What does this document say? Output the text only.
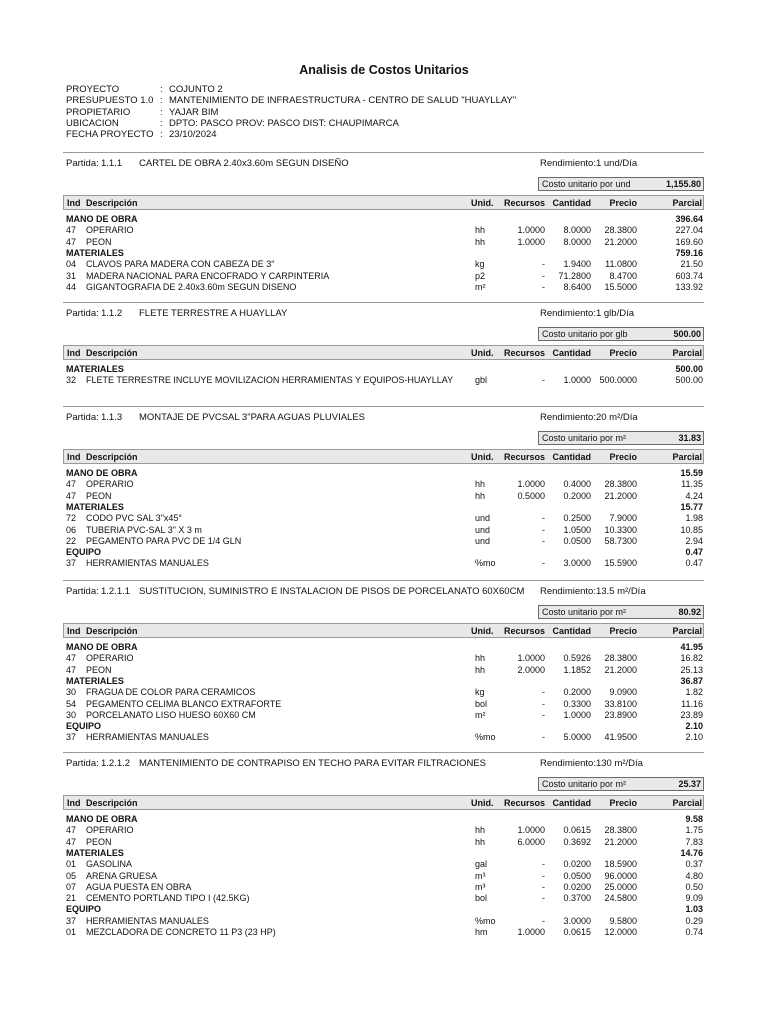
Analisis de Costos Unitarios
PROYECTO	: COJUNTO 2
PRESUPUESTO 1.0 : MANTENIMIENTO DE INFRAESTRUCTURA - CENTRO DE SALUD "HUAYLLAY"
PROPIETARIO	: YAJAR BIM
UBICACION	: DPTO: PASCO PROV: PASCO DIST: CHAUPIMARCA
FECHA PROYECTO : 23/10/2024
Partida: 1.1.1 CARTEL DE OBRA 2.40x3.60m SEGUN DISEÑO	Rendimiento:1 und/Día
Costo unitario por und	1,155.80
Ind Descripción	Unid. Recursos Cantidad Precio	Parcial
MANO DE OBRA	396.64
47 OPERARIO	hh	1.0000 8.0000 28.3800	227.04
47 PEON	hh	1.0000 8.0000 21.2000	169.60
MATERIALES	759.16
04 CLAVOS PARA MADERA CON CABEZA DE 3"	kg	- 1.9400 11.0800	21.50
31 MADERA NACIONAL PARA ENCOFRADO Y CARPINTERIA	p2	- 71.2800 8.4700	603.74
44 GIGANTOGRAFIA DE 2.40x3.60m SEGUN DISENO	m²	- 8.6400 15.5000	133.92
Partida: 1.1.2 FLETE TERRESTRE A HUAYLLAY	Rendimiento:1 glb/Día
Costo unitario por glb	500.00
Ind Descripción	Unid. Recursos Cantidad Precio	Parcial
MATERIALES	500.00
32 FLETE TERRESTRE INCLUYE MOVILIZACION HERRAMIENTAS Y EQUIPOS-HUAYLLAY gbl	- 1.0000 500.0000	500.00
Partida: 1.1.3 MONTAJE DE PVCSAL 3"PARA AGUAS PLUVIALES	Rendimiento:20 m²/Día
Costo unitario por m²	31.83
Ind Descripción	Unid. Recursos Cantidad Precio	Parcial
MANO DE OBRA	15.59
47 OPERARIO	hh	1.0000 0.4000 28.3800	11.35
47 PEON	hh	0.5000 0.2000 21.2000	4.24
MATERIALES	15.77
72 CODO PVC SAL 3"x45°	und	- 0.2500 7.9000	1.98
06 TUBERIA PVC-SAL 3" X 3 m	und	- 1.0500 10.3300	10.85
22 PEGAMENTO PARA PVC DE 1/4 GLN	und	- 0.0500 58.7300	2.94
EQUIPO	0.47
37 HERRAMIENTAS MANUALES	%mo	- 3.0000 15.5900	0.47
Partida: 1.2.1.1 SUSTITUCION, SUMINISTRO E INSTALACION DE PISOS DE PORCELANATO 60X60CM Rendimiento:13.5 m²/Día
Costo unitario por m²	80.92
Ind Descripción	Unid. Recursos Cantidad Precio	Parcial
MANO DE OBRA	41.95
47 OPERARIO	hh	1.0000 0.5926 28.3800	16.82
47 PEON	hh	2.0000 1.1852 21.2000	25.13
MATERIALES	36.87
30 FRAGUA DE COLOR PARA CERAMICOS	kg	- 0.2000 9.0900	1.82
54 PEGAMENTO CELIMA BLANCO EXTRAFORTE	bol	- 0.3300 33.8100	11.16
30 PORCELANATO LISO HUESO 60X60 CM	m²	- 1.0000 23.8900	23.89
EQUIPO	2.10
37 HERRAMIENTAS MANUALES	%mo	- 5.0000 41.9500	2.10
Partida: 1.2.1.2 MANTENIMIENTO DE CONTRAPISO EN TECHO PARA EVITAR FILTRACIONES	Rendimiento:130 m²/Día
Costo unitario por m²	25.37
Ind Descripción	Unid. Recursos Cantidad Precio	Parcial
MANO DE OBRA	9.58
47 OPERARIO	hh	1.0000 0.0615 28.3800	1.75
47 PEON	hh	6.0000 0.3692 21.2000	7.83
MATERIALES	14.76
01 GASOLINA	gal	- 0.0200 18.5900	0.37
05 ARENA GRUESA	m³	- 0.0500 96.0000	4.80
07 AGUA PUESTA EN OBRA	m³	- 0.0200 25.0000	0.50
21 CEMENTO PORTLAND TIPO I (42.5KG)	bol	- 0.3700 24.5800	9.09
EQUIPO	1.03
37 HERRAMIENTAS MANUALES	%mo	- 3.0000 9.5800	0.29
01 MEZCLADORA DE CONCRETO 11 P3 (23 HP)	hm	1.0000 0.0615 12.0000	0.74
